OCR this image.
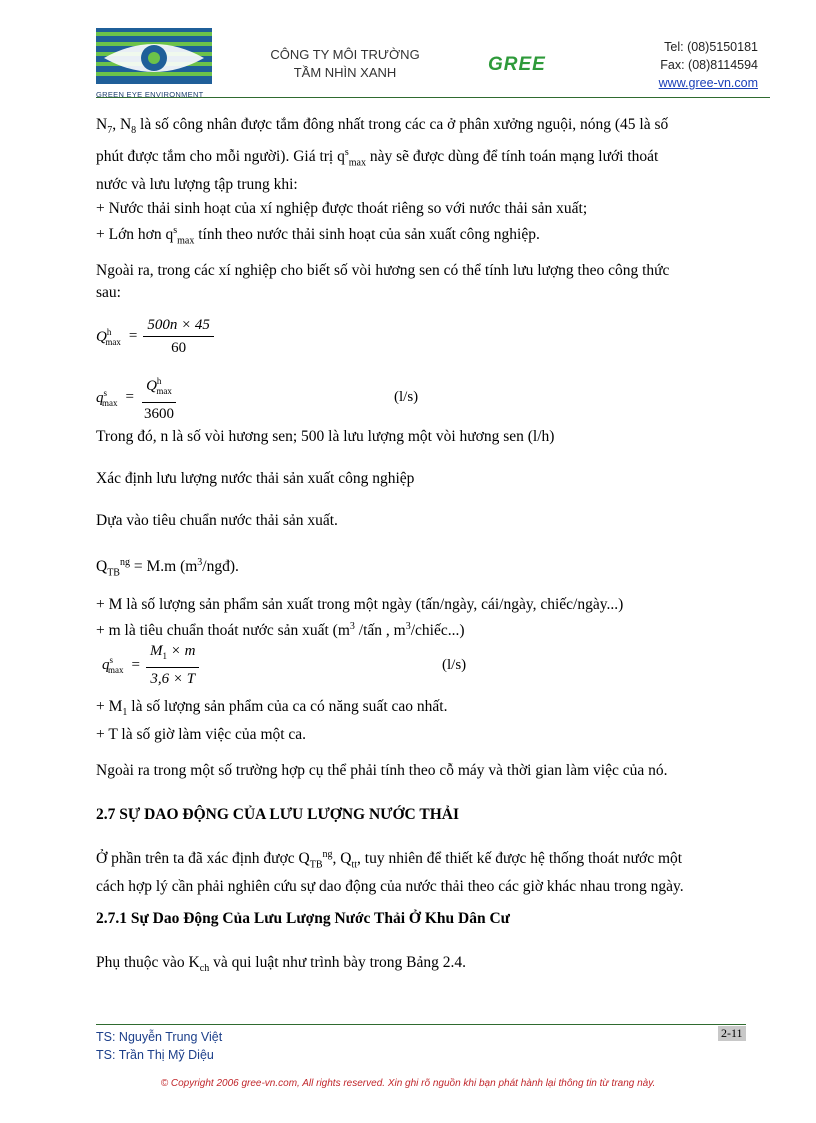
GREEN EYE ENVIRONMENT
CÔNG TY MÔI TRƯỜNG
TẦM NHÌN XANH	GREE
Tel: (08)5150181
Fax: (08)8114594
www.gree-vn.com
$N_7$, $N_8$ là số công nhân được tắm đông nhất trong các ca ở phân xưởng nguội, nóng (45 là số
phút được tắm cho mỗi người). Giá trị $q^s_{max}$ này sẽ được dùng để tính toán mạng lưới thoát
nước và lưu lượng tập trung khi:
+ Nước thải sinh hoạt của xí nghiệp được thoát riêng so với nước thải sản xuất;
+ Lớn hơn $q^s_{max}$ tính theo nước thải sinh hoạt của sản xuất công nghiệp.
Ngoài ra, trong các xí nghiệp cho biết số vòi hương sen có thể tính lưu lượng theo công thức
sau:
$Q^h_{max} = \frac{500n \times 45}{60}$
$q^s_{max} = \frac{Q^h_{max}}{3600}$	(l/s)
Trong đó, n là số vòi hương sen; 500 là lưu lượng một vòi hương sen (l/h)
Xác định lưu lượng nước thải sản xuất công nghiệp
Dựa vào tiêu chuẩn nước thải sản xuất.
$Q_{TB}^{ng} = M.m$ $(m^3/ngđ)$.
+ M là số lượng sản phẩm sản xuất trong một ngày (tấn/ngày, cái/ngày, chiếc/ngày...)
+ m là tiêu chuẩn thoát nước sản xuất ($m^3$ /tấn , $m^3/chiếc$...)
$q^s_{max} = \frac{M_1 \times m}{3,6 \times T}$	(l/s)
+ $M_1$ là số lượng sản phẩm của ca có năng suất cao nhất.
+ T là số giờ làm việc của một ca.
Ngoài ra trong một số trường hợp cụ thể phải tính theo cỗ máy và thời gian làm việc của nó.
2.7 SỰ DAO ĐỘNG CỦA LƯU LƯỢNG NƯỚC THẢI
Ở phần trên ta đã xác định được $Q_{TB}^{ng}$, $Q_{tt}$, tuy nhiên để thiết kế được hệ thống thoát nước một
cách hợp lý cần phải nghiên cứu sự dao động của nước thải theo các giờ khác nhau trong ngày.
2.7.1 Sự Dao Động Của Lưu Lượng Nước Thải Ở Khu Dân Cư
Phụ thuộc vào $K_{ch}$ và qui luật như trình bày trong Bảng 2.4.
TS: Nguyễn Trung Việt
TS: Trần Thị Mỹ Diệu
2-11
© Copyright 2006 gree-vn.com, All rights reserved. Xin ghi rõ nguồn khi bạn phát hành lại thông tin từ trang này.
